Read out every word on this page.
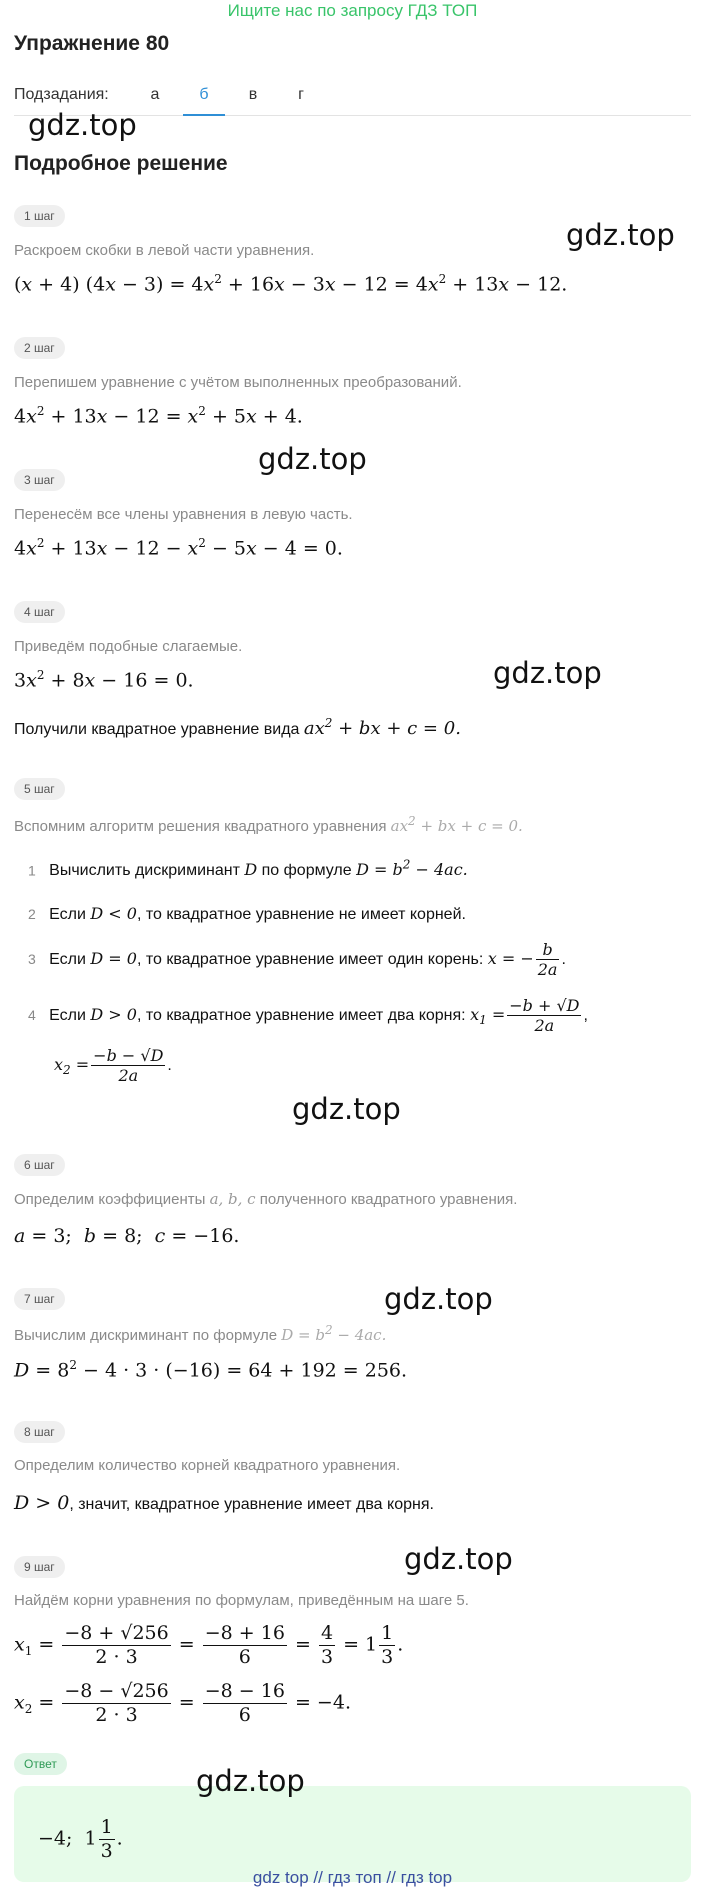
Ищите нас по запросу ГДЗ ТОП
Упражнение 80
Подзадания:	а	б	в	г
gdz.top
Подробное решение
1 шаг
gdz.top
Раскроем скобки в левой части уравнения.
(x + 4) $(4x - 3) = 4x^2 + 16x - 3x - 12 = 4x^2 + 13x - 12$.
2 шаг
Перепишем уравнение с учётом выполненных преобразований.
$4x^2 + 13x - 12 = x^2 + 5x + 4$.
gdz.top
3 шаг
Перенесём все члены уравнения в левую часть.
$4x^2 + 13x - 12 - x^2 - 5x - 4 = 0$.
4 шаг
Приведём подобные слагаемые.
$3x^2 + 8x - 16 = 0$.	gdz.top
Получили квадратное уравнение вида $ax^2$ + bx + c = 0.
5 шаг
Вспомним алгоритм решения квадратного уравнения $ax^2$ + bx + c = 0.
1 Вычислить дискриминант D по формуле $D = b^2 - 4ac$.
2 Если D < 0, то квадратное уравнение не имеет корней.
3 Если D = 0, то квадратное уравнение имеет один корень: x = − $\frac{b}{2a}$ .
4 Если D > 0, то квадратное уравнение имеет два корня: $x_1 = \frac{-b + √D}{2a}$ ,
$x_2 = \frac{-b - √D}{2a}$ .
gdz.top
6 шаг
Определим коэффициенты a, b, c полученного квадратного уравнения.
a = 3;  b = 8;  c = −16.
gdz.top
7 шаг
Вычислим дискриминант по формуле $D = b^2 - 4ac$.
$D = 8^2 - 4 \cdot 3 \cdot (-16) = 64 + 192 = 256$.
8 шаг
Определим количество корней квадратного уравнения.
D > 0, значит, квадратное уравнение имеет два корня.
gdz.top
9 шаг
Найдём корни уравнения по формулам, приведённым на шаге 5.
$x_1 = \frac{-8 + √256}{2 \cdot 3} = \frac{-8 + 16}{6} = \frac{4}{3} = 1 \frac{1}{3}$ .
$x_2 = \frac{-8 - √256}{2 \cdot 3} = \frac{-8 - 16}{6} = -4$.
Ответ	gdz.top
−4;  $1 \frac{1}{3}$ .
gdz top // гдз топ // гдз top
